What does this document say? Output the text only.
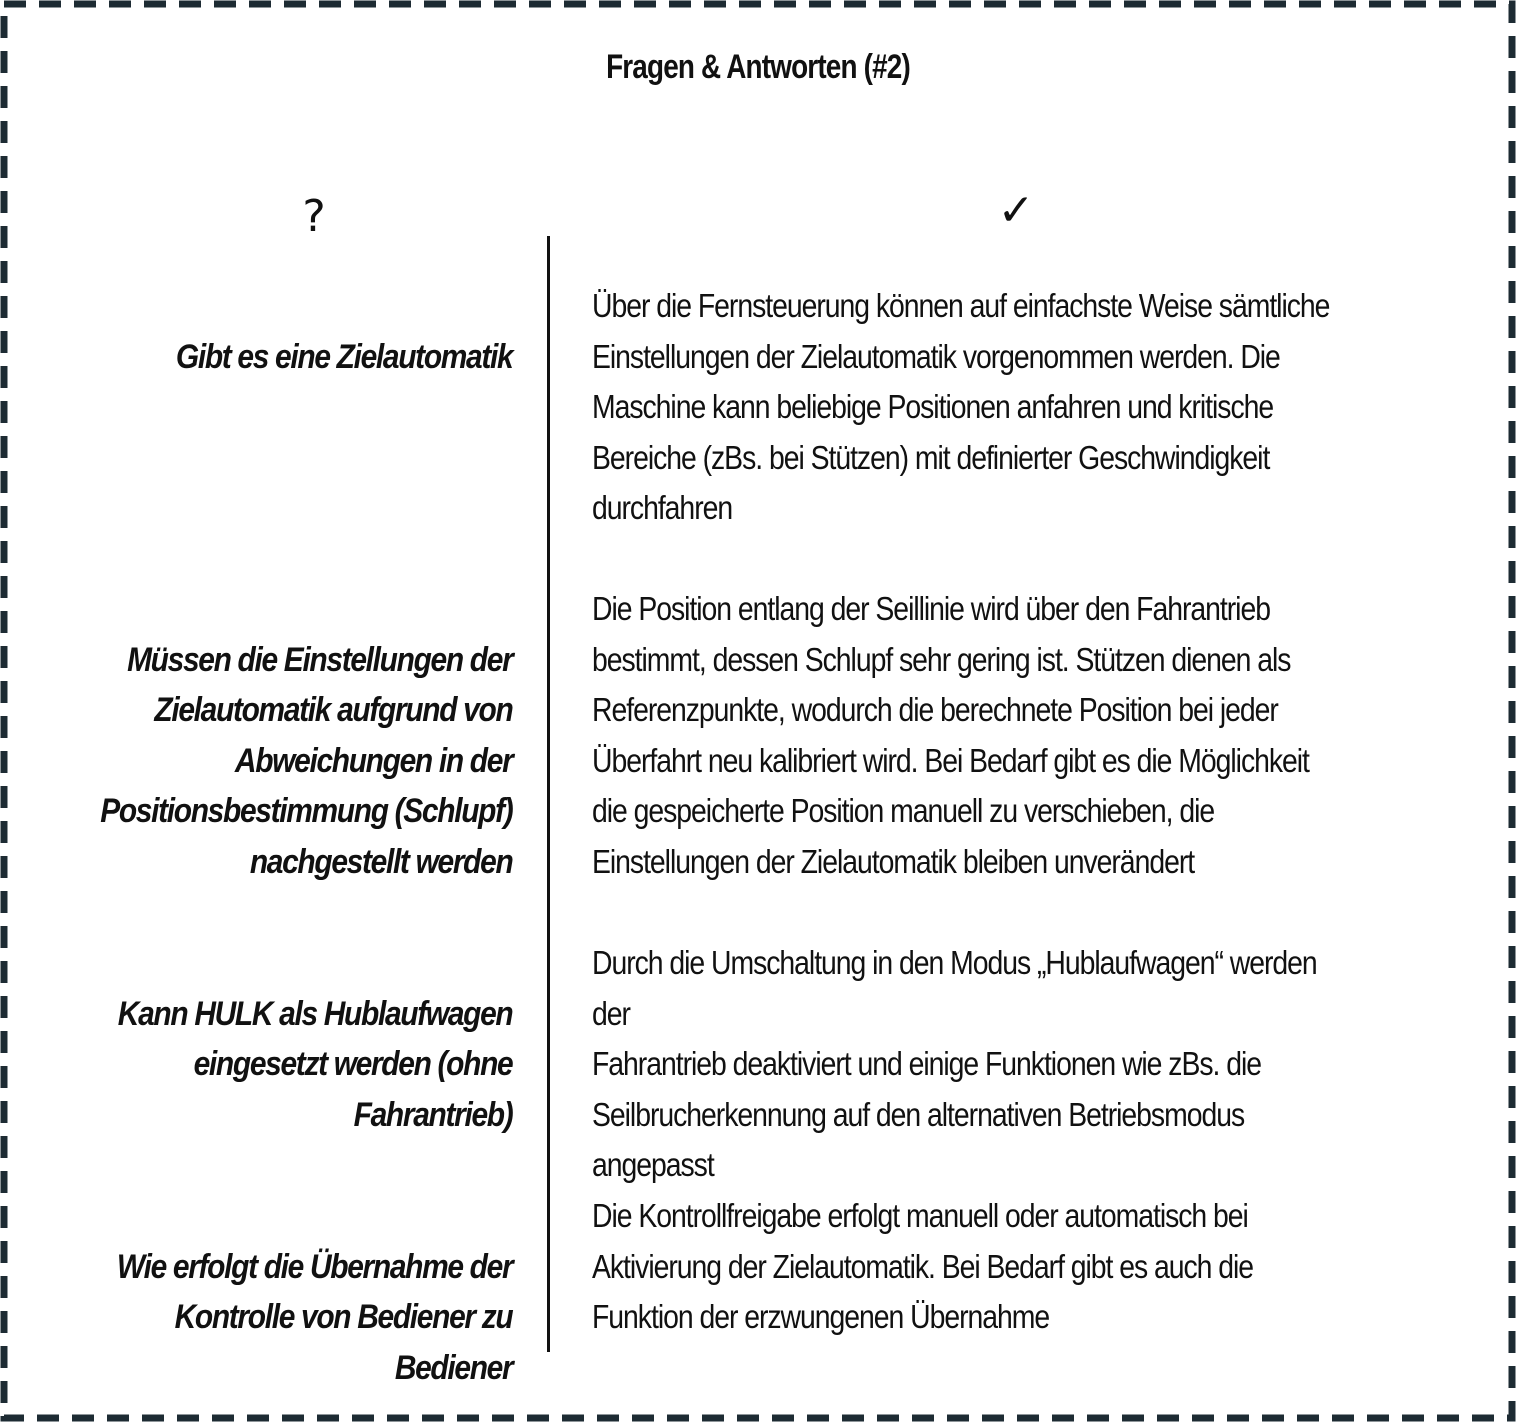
Fragen & Antworten (#2)
?	✓

Gibt es eine Zielautomatik

Über die Fernsteuerung können auf einfachste Weise sämtliche
Einstellungen der Zielautomatik vorgenommen werden. Die
Maschine kann beliebige Positionen anfahren und kritische
Bereiche (zBs. bei Stützen) mit definierter Geschwindigkeit
durchfahren

Müssen die Einstellungen der
Zielautomatik aufgrund von
Abweichungen in der
Positionsbestimmung (Schlupf)
nachgestellt werden

Die Position entlang der Seillinie wird über den Fahrantrieb
bestimmt, dessen Schlupf sehr gering ist. Stützen dienen als
Referenzpunkte, wodurch die berechnete Position bei jeder
Überfahrt neu kalibriert wird. Bei Bedarf gibt es die Möglichkeit
die gespeicherte Position manuell zu verschieben, die
Einstellungen der Zielautomatik bleiben unverändert

Kann HULK als Hublaufwagen
eingesetzt werden (ohne
Fahrantrieb)

Durch die Umschaltung in den Modus „Hublaufwagen“ werden der
Fahrantrieb deaktiviert und einige Funktionen wie zBs. die
Seilbrucherkennung auf den alternativen Betriebsmodus
angepasst

Wie erfolgt die Übernahme der
Kontrolle von Bediener zu
Bediener

Die Kontrollfreigabe erfolgt manuell oder automatisch bei
Aktivierung der Zielautomatik. Bei Bedarf gibt es auch die
Funktion der erzwungenen Übernahme
